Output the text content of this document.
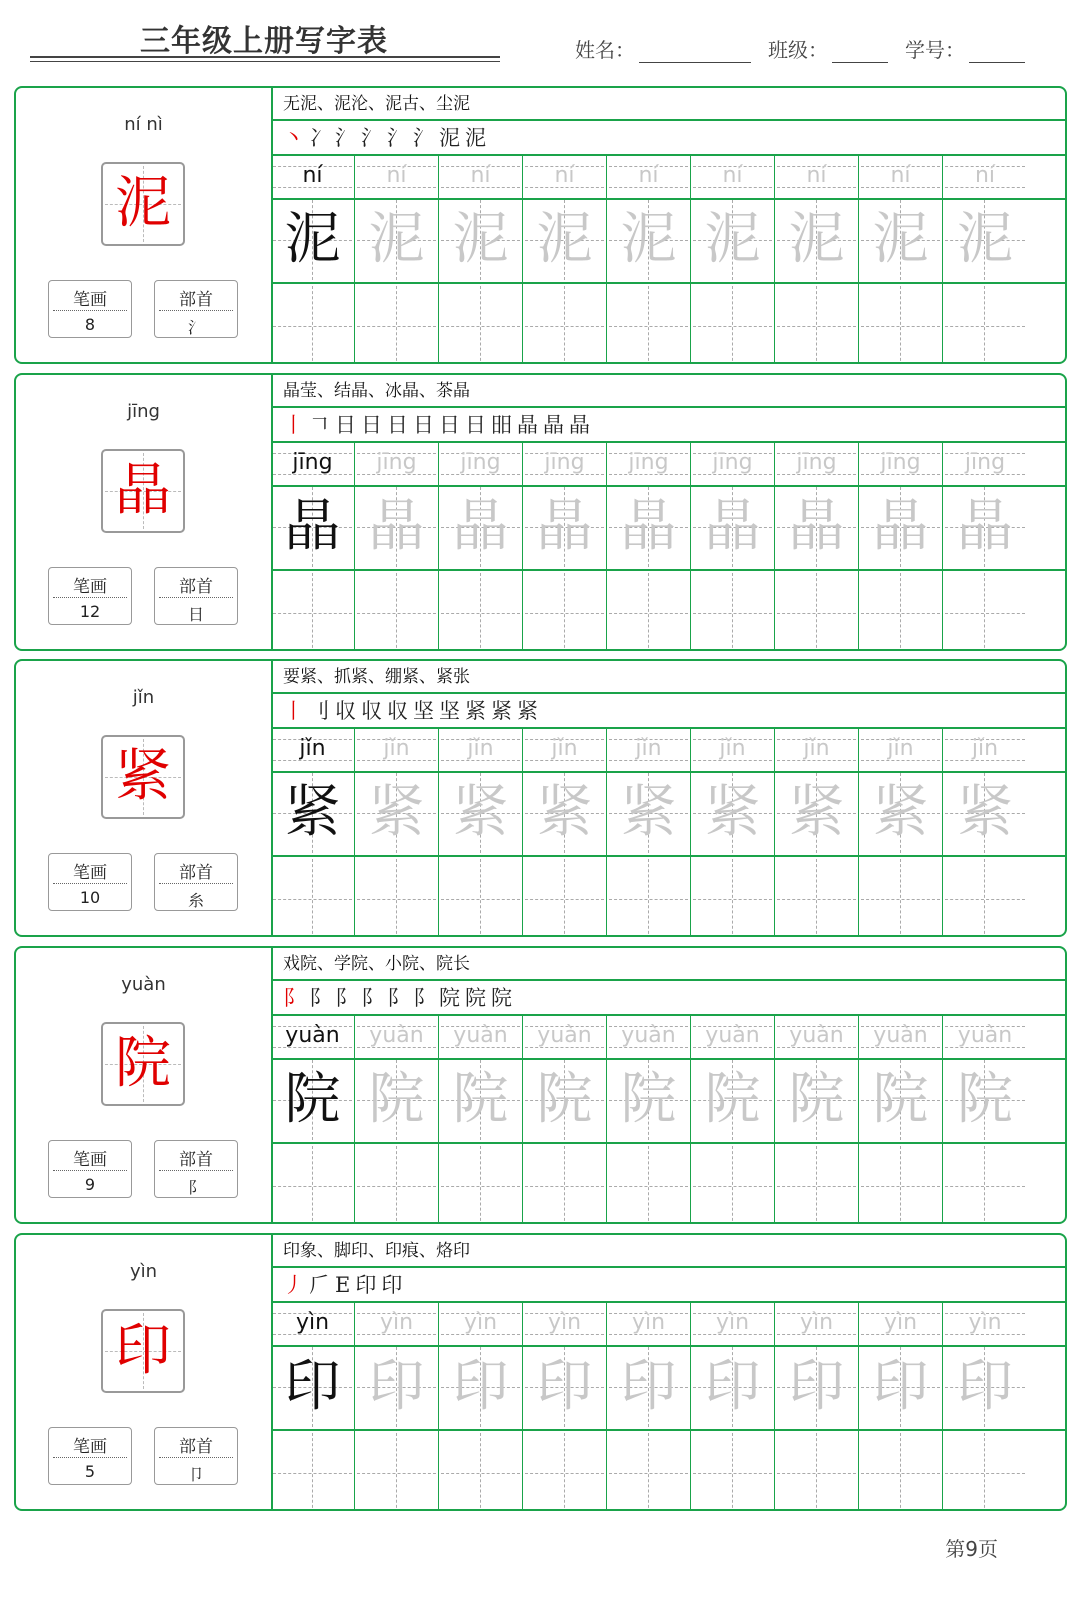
三年级上册写字表	姓名：	班级：	学号：
ní nì
泥
笔画
8
部首
氵
无泥、泥沦、泥古、尘泥
丶 冫 氵 氵 氵 氵 泥 泥
ní	ní	ní	ní	ní	ní	ní	ní	ní
泥 泥 泥 泥 泥 泥 泥 泥 泥
jīng
晶
笔画
12
部首
日
晶莹、结晶、冰晶、茶晶
丨 𠃍 日 日 日 日 日 日 昍 晶 晶 晶
jīng	jīng	jīng	jīng	jīng	jīng	jīng	jīng	jīng
晶 晶 晶 晶 晶 晶 晶 晶 晶
jǐn
紧
笔画
10
部首
糸
要紧、抓紧、绷紧、紧张
丨 刂 収 収 収 坚 坚 紧 紧 紧
jǐn	jǐn	jǐn	jǐn	jǐn	jǐn	jǐn	jǐn	jǐn
紧 紧 紧 紧 紧 紧 紧 紧 紧
yuàn
院
笔画
9
部首
阝
戏院、学院、小院、院长
阝 阝 阝 阝 阝 阝 院 院 院
yuàn	yuàn	yuàn	yuàn	yuàn	yuàn	yuàn	yuàn	yuàn
院 院 院 院 院 院 院 院 院
yìn
印
笔画
5
部首
卩
印象、脚印、印痕、烙印
丿 𠂆 E 印 印
yìn	yìn	yìn	yìn	yìn	yìn	yìn	yìn	yìn
印 印 印 印 印 印 印 印 印
第9页
